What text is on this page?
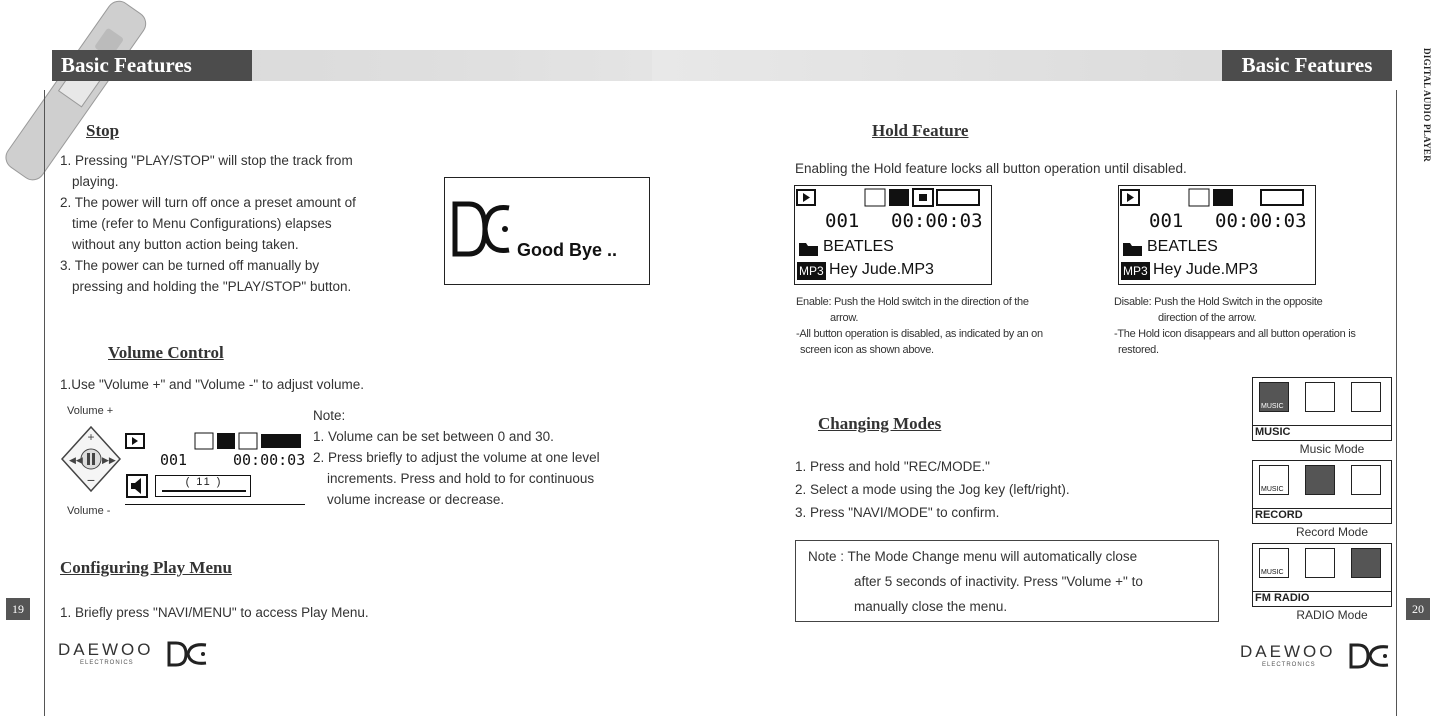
Basic Features	Basic Features	DIGITAL AUDIO PLAYER
19	20
Stop

1. Pressing "PLAY/STOP" will stop the track from

playing.

2. The power will turn off once a preset amount of

time (refer to Menu Configurations) elapses

without any button action being taken.

3. The power can be turned off manually by

pressing and holding the "PLAY/STOP" button.

Good Bye ..
Volume Control
1.Use "Volume +" and "Volume -" to adjust volume.
Volume +
Volume -
+
−
◀◀ ▶▶	001	00:00:03
( 11 )

Note:

1. Volume can be set between 0 and 30.

2. Press briefly to adjust the volume at one level

increments. Press and hold to for continuous

volume increase or decrease.

Configuring Play Menu
1. Briefly press "NAVI/MENU" to access Play Menu.
DAEWOO
ELECTRONICS
Hold Feature
Enabling the Hold feature locks all button operation until disabled.
001 00:00:03
BEATLES
MP3 Hey Jude.MP3
001 00:00:03
BEATLES
MP3 Hey Jude.MP3

Enable: Push the Hold switch in the direction of the

arrow.

-All button operation is disabled, as indicated by an on

screen icon as shown above.

Disable: Push the Hold Switch in the opposite

direction of the arrow.

-The Hold icon disappears and all button operation is

restored.

Changing Modes

1. Press and hold "REC/MODE."

2. Select a mode using the Jog key (left/right).

3. Press "NAVI/MODE" to confirm.

Note : The Mode Change menu will automatically close

after 5 seconds of inactivity. Press "Volume +" to

manually close the menu.

MUSIC
MUSIC
Music Mode
MUSIC
RECORD
Record Mode
MUSIC
FM RADIO
RADIO Mode
DAEWOO
ELECTRONICS
